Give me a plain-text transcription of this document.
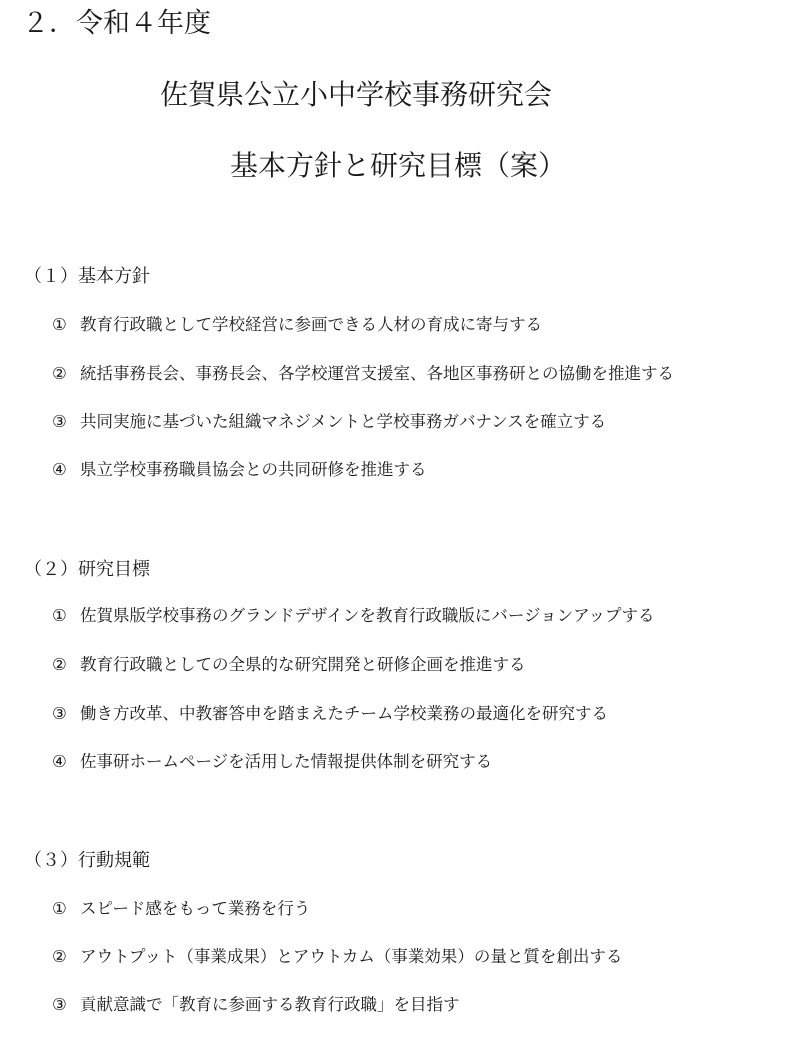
２．令和４年度
佐賀県公立小中学校事務研究会
基本方針と研究目標（案）
（１）基本方針
① 教育行政職として学校経営に参画できる人材の育成に寄与する
② 統括事務長会、事務長会、各学校運営支援室、各地区事務研との協働を推進する
③ 共同実施に基づいた組織マネジメントと学校事務ガバナンスを確立する
④ 県立学校事務職員協会との共同研修を推進する
（２）研究目標
① 佐賀県版学校事務のグランドデザインを教育行政職版にバージョンアップする
② 教育行政職としての全県的な研究開発と研修企画を推進する
③ 働き方改革、中教審答申を踏まえたチーム学校業務の最適化を研究する
④ 佐事研ホームページを活用した情報提供体制を研究する
（３）行動規範
① スピード感をもって業務を行う
② アウトプット（事業成果）とアウトカム（事業効果）の量と質を創出する
③ 貢献意識で「教育に参画する教育行政職」を目指す
